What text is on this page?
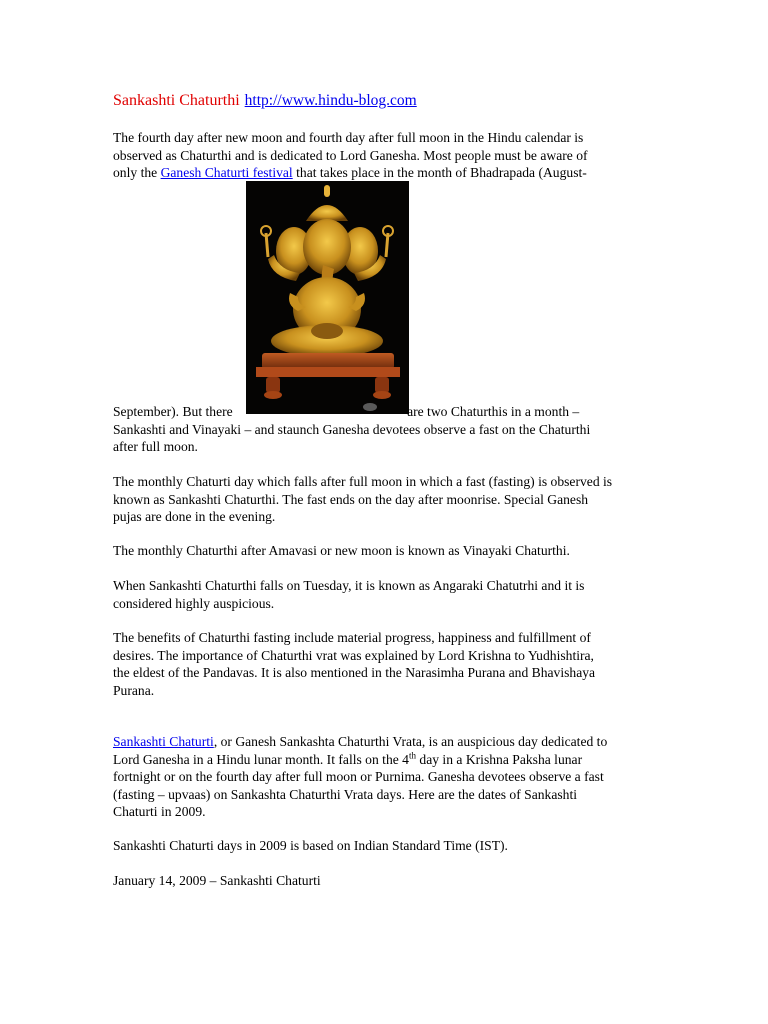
Sankashti Chaturthi http://www.hindu-blog.com

The fourth day after new moon and fourth day after full moon in the Hindu calendar is
observed as Chaturthi and is dedicated to Lord Ganesha. Most people must be aware of
only the Ganesh Chaturti festival that takes place in the month of Bhadrapada (August-

September). But there	are two Chaturthis in a month –
Sankashti and Vinayaki – and staunch Ganesha devotees observe a fast on the Chaturthi
after full moon.

The monthly Chaturti day which falls after full moon in which a fast (fasting) is observed is
known as Sankashti Chaturthi. The fast ends on the day after moonrise. Special Ganesh
pujas are done in the evening.

The monthly Chaturthi after Amavasi or new moon is known as Vinayaki Chaturthi.

When Sankashti Chaturthi falls on Tuesday, it is known as Angaraki Chatutrhi and it is
considered highly auspicious.

The benefits of Chaturthi fasting include material progress, happiness and fulfillment of
desires. The importance of Chaturthi vrat was explained by Lord Krishna to Yudhishtira,
the eldest of the Pandavas. It is also mentioned in the Narasimha Purana and Bhavishaya
Purana.

Sankashti Chaturti, or Ganesh Sankashta Chaturthi Vrata, is an auspicious day dedicated to
Lord Ganesha in a Hindu lunar month. It falls on the 4th day in a Krishna Paksha lunar
fortnight or on the fourth day after full moon or Purnima. Ganesha devotees observe a fast
(fasting – upvaas) on Sankashta Chaturthi Vrata days. Here are the dates of Sankashti
Chaturti in 2009.

Sankashti Chaturti days in 2009 is based on Indian Standard Time (IST).

January 14, 2009 – Sankashti Chaturti
